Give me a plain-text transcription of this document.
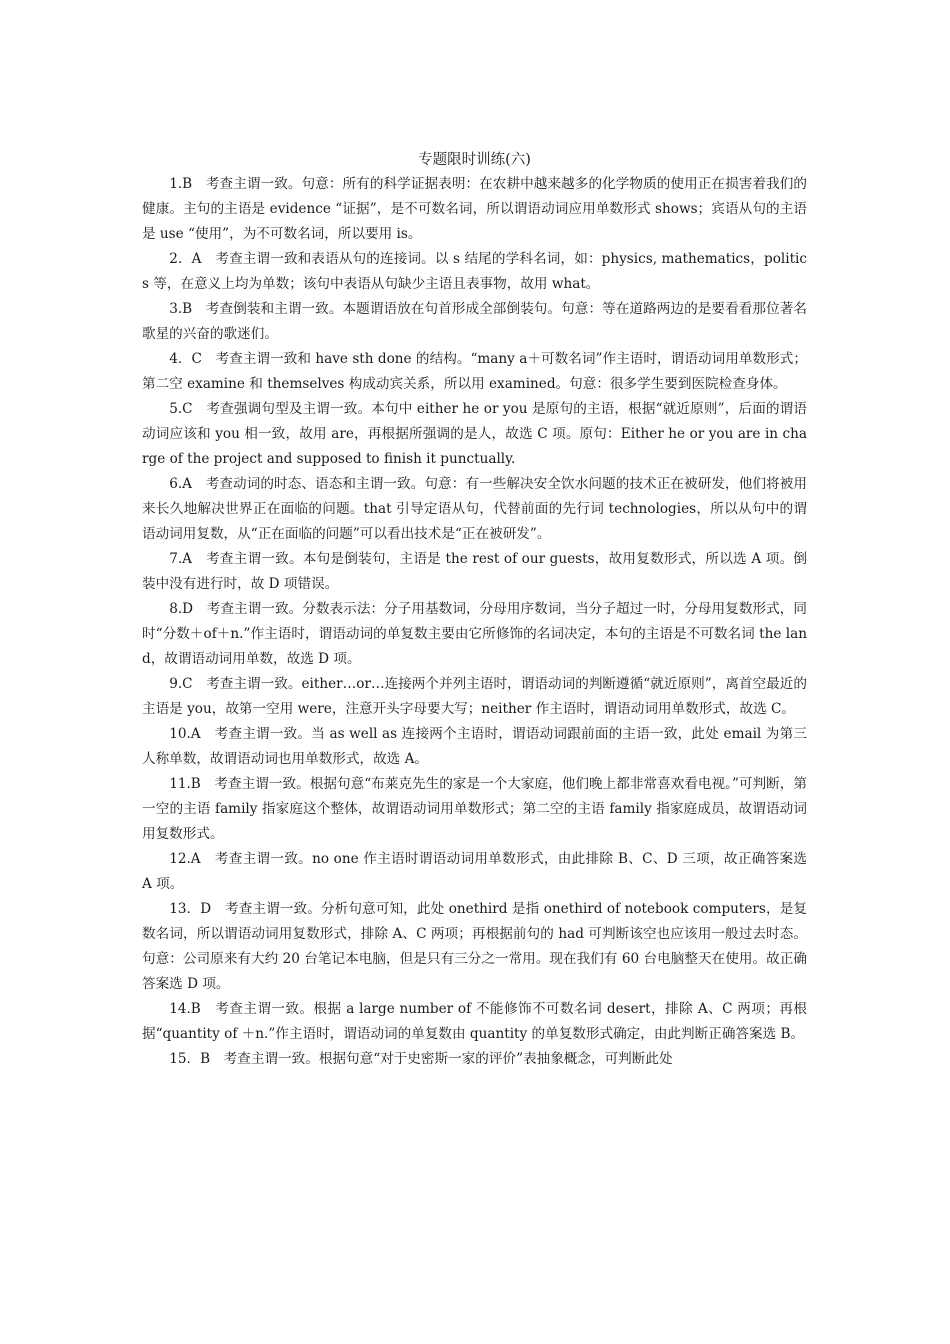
专题限时训练(六)

1.B　考查主谓一致。句意：所有的科学证据表明：在农耕中越来越多的化学物质的使用正在损害着我们的健康。主句的主语是 evidence “证据”，是不可数名词，所以谓语动词应用单数形式 shows；宾语从句的主语是 use “使用”，为不可数名词，所以要用 is。

2．A　考查主谓一致和表语从句的连接词。以 s 结尾的学科名词，如：physics, mathematics，politics 等，在意义上均为单数；该句中表语从句缺少主语且表事物，故用 what。

3.B　考查倒装和主谓一致。本题谓语放在句首形成全部倒装句。句意：等在道路两边的是要看看那位著名歌星的兴奋的歌迷们。

4．C　考查主谓一致和 have sth done 的结构。“many a＋可数名词”作主语时，谓语动词用单数形式；第二空 examine 和 themselves 构成动宾关系，所以用 examined。句意：很多学生要到医院检查身体。

5.C　考查强调句型及主谓一致。本句中 either he or you 是原句的主语，根据“就近原则”，后面的谓语动词应该和 you 相一致，故用 are，再根据所强调的是人，故选 C 项。原句：Either he or you are in charge of the project and supposed to finish it punctually.

6.A　考查动词的时态、语态和主谓一致。句意：有一些解决安全饮水问题的技术正在被研发，他们将被用来长久地解决世界正在面临的问题。that 引导定语从句，代替前面的先行词 technologies，所以从句中的谓语动词用复数，从“正在面临的问题”可以看出技术是“正在被研发”。

7.A　考查主谓一致。本句是倒装句，主语是 the rest of our guests，故用复数形式，所以选 A 项。倒装中没有进行时，故 D 项错误。

8.D　考查主谓一致。分数表示法：分子用基数词，分母用序数词，当分子超过一时，分母用复数形式，同时“分数＋of＋n.”作主语时，谓语动词的单复数主要由它所修饰的名词决定，本句的主语是不可数名词 the land，故谓语动词用单数，故选 D 项。

9.C　考查主谓一致。either…or…连接两个并列主语时，谓语动词的判断遵循“就近原则”，离首空最近的主语是 you，故第一空用 were，注意开头字母要大写；neither 作主语时，谓语动词用单数形式，故选 C。

10.A　考查主谓一致。当 as well as 连接两个主语时，谓语动词跟前面的主语一致，此处 email 为第三人称单数，故谓语动词也用单数形式，故选 A。

11.B　考查主谓一致。根据句意“布莱克先生的家是一个大家庭，他们晚上都非常喜欢看电视。”可判断，第一空的主语 family 指家庭这个整体，故谓语动词用单数形式；第二空的主语 family 指家庭成员，故谓语动词用复数形式。

12.A　考查主谓一致。no one 作主语时谓语动词用单数形式，由此排除 B、C、D 三项，故正确答案选 A 项。

13．D　考查主谓一致。分析句意可知，此处 onethird 是指 onethird of notebook computers，是复数名词，所以谓语动词用复数形式，排除 A、C 两项；再根据前句的 had 可判断该空也应该用一般过去时态。句意：公司原来有大约 20 台笔记本电脑，但是只有三分之一常用。现在我们有 60 台电脑整天在使用。故正确答案选 D 项。

14.B　考查主谓一致。根据 a large number of 不能修饰不可数名词 desert，排除 A、C 两项；再根据“quantity of ＋n.”作主语时，谓语动词的单复数由 quantity 的单复数形式确定，由此判断正确答案选 B。

15．B　考查主谓一致。根据句意“对于史密斯一家的评价”表抽象概念，可判断此处
